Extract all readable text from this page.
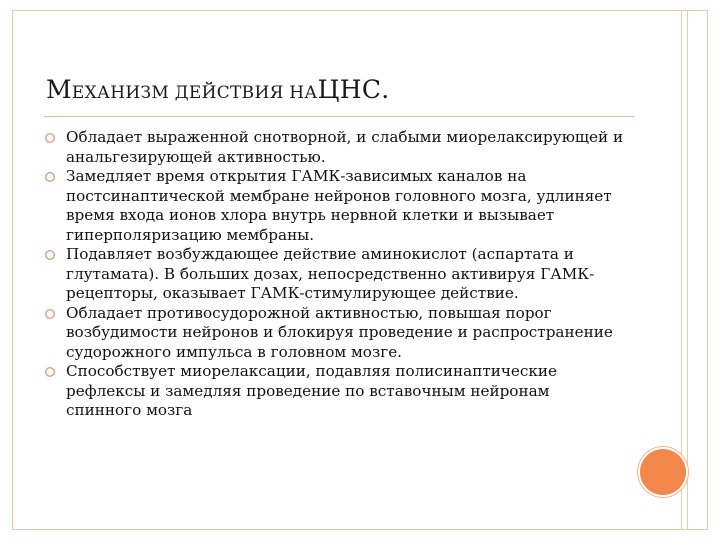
МЕХАНИЗМ ДЕЙСТВИЯ НАЦНС.
Обладает выраженной снотворной, и слабыми миорелаксирующей и анальгезирующей активностью.
Замедляет время открытия ГАМК-зависимых каналов на постсинаптической мембране нейронов головного мозга, удлиняет время входа ионов хлора внутрь нервной клетки и вызывает гиперполяризацию мембраны.
Подавляет возбуждающее действие аминокислот (аспартата и глутамата). В больших дозах, непосредственно активируя ГАМК-рецепторы, оказывает ГАМК-стимулирующее действие.
Обладает противосудорожной активностью, повышая порог возбудимости нейронов и блокируя проведение и распространение судорожного импульса в головном мозге.
Способствует миорелаксации, подавляя полисинаптические рефлексы и замедляя проведение по вставочным нейронам спинного мозга
